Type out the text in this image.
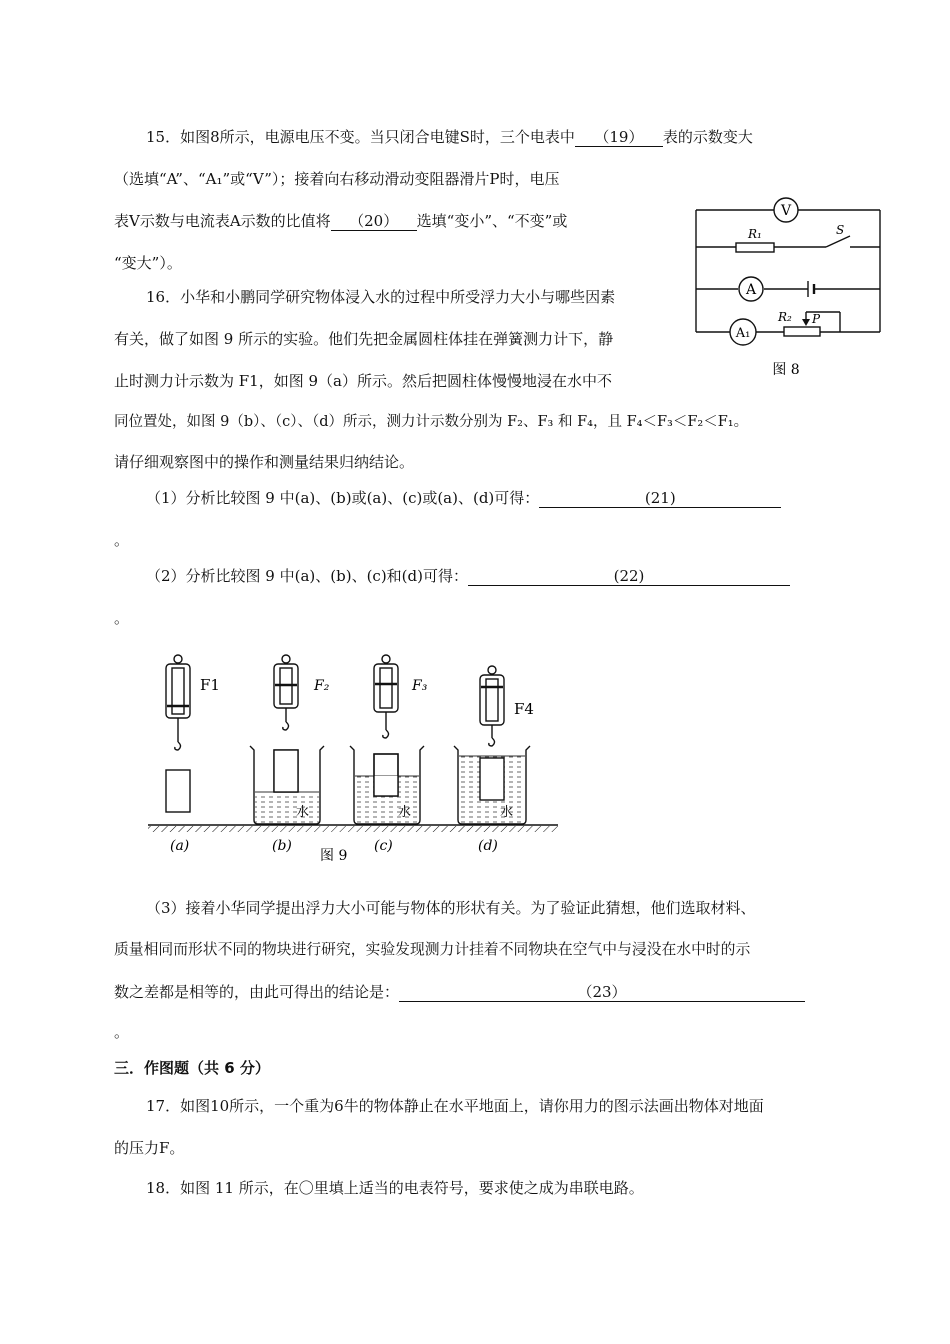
15．如图8所示，电源电压不变。当只闭合电键S时，三个电表中 （19） 表的示数变大
（选填“A”、“A₁”或“V”）；接着向右移动滑动变阻器滑片P时，电压
表V示数与电流表A示数的比值将 （20） 选填“变小”、“不变”或
“变大”）。
V
A
A₁
R₁
R₂ P
S
图 8
16．小华和小鹏同学研究物体浸入水的过程中所受浮力大小与哪些因素
有关，做了如图 9 所示的实验。他们先把金属圆柱体挂在弹簧测力计下，静
止时测力计示数为 F1，如图 9（a）所示。然后把圆柱体慢慢地浸在水中不
同位置处，如图 9（b）、（c）、（d）所示，测力计示数分别为 F₂、F₃ 和 F₄，且 F₄＜F₃＜F₂＜F₁。
请仔细观察图中的操作和测量结果归纳结论。
（1）分析比较图 9 中(a)、(b)或(a)、(c)或(a)、(d)可得：	(21)
。
（2）分析比较图 9 中(a)、(b)、(c)和(d)可得：	(22)
。
F1	F₂	F₃
F4
水	水	水
(a)	(b)	(c)	(d)
图 9
（3）接着小华同学提出浮力大小可能与物体的形状有关。为了验证此猜想，他们选取材料、
质量相同而形状不同的物块进行研究，实验发现测力计挂着不同物块在空气中与浸没在水中时的示
数之差都是相等的，由此可得出的结论是：	（23）
。
三．作图题（共 6 分）
17．如图10所示，一个重为6牛的物体静止在水平地面上，请你用力的图示法画出物体对地面
的压力F。
18．如图 11 所示，在〇里填上适当的电表符号，要求使之成为串联电路。
